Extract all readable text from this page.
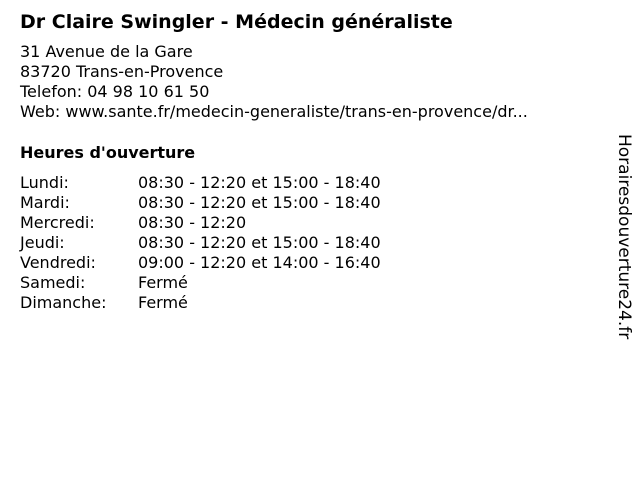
Dr Claire Swingler - Médecin généraliste
31 Avenue de la Gare
83720 Trans-en-Provence
Telefon: 04 98 10 61 50
Web: www.sante.fr/medecin-generaliste/trans-en-provence/dr...
Heures d'ouverture
Lundi:	08:30 - 12:20 et 15:00 - 18:40
Mardi:	08:30 - 12:20 et 15:00 - 18:40
Mercredi:	08:30 - 12:20
Jeudi:	08:30 - 12:20 et 15:00 - 18:40
Vendredi:	09:00 - 12:20 et 14:00 - 16:40
Samedi:	Fermé
Dimanche:	Fermé	Horairesdouverture24.fr
